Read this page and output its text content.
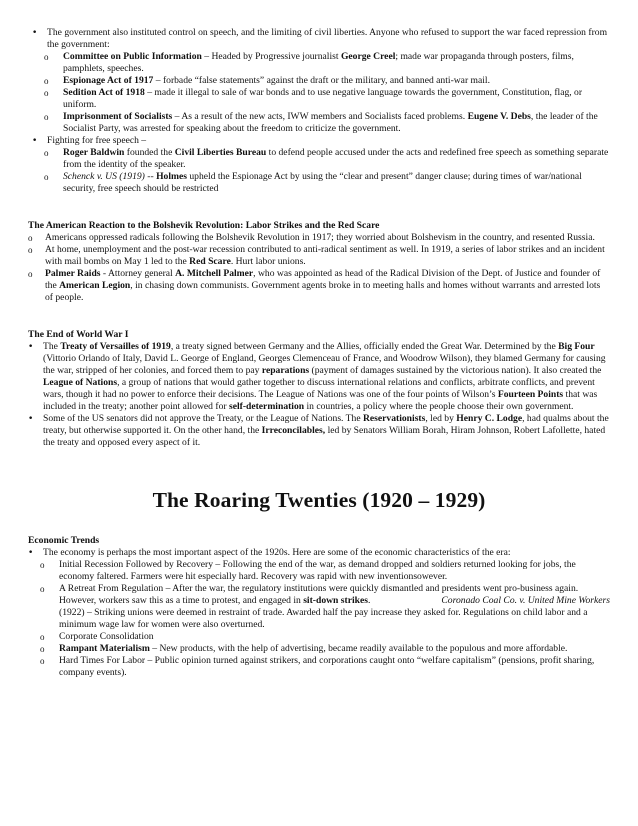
• The government also instituted control on speech, and the limiting of civil liberties. Anyone who refused to support the war faced repression from the government:
o Committee on Public Information – Headed by Progressive journalist George Creel; made war propaganda through posters, films, pamphlets, speeches.
o Espionage Act of 1917 – forbade “false statements” against the draft or the military, and banned anti-war mail.
o Sedition Act of 1918 – made it illegal to sale of war bonds and to use negative language towards the government, Constitution, flag, or uniform.
o Imprisonment of Socialists – As a result of the new acts, IWW members and Socialists faced problems. Eugene V. Debs, the leader of the Socialist Party, was arrested for speaking about the freedom to criticize the government.
• Fighting for free speech –
o Roger Baldwin founded the Civil Liberties Bureau to defend people accused under the acts and redefined free speech as something separate from the identity of the speaker.
o Schenck v. US (1919) -- Holmes upheld the Espionage Act by using the “clear and present” danger clause; during times of war/national security, free speech should be restricted

The American Reaction to the Bolshevik Revolution: Labor Strikes and the Red Scare

o Americans oppressed radicals following the Bolshevik Revolution in 1917; they worried about Bolshevism in the country, and resented Russia.
o At home, unemployment and the post-war recession contributed to anti-radical sentiment as well. In 1919, a series of labor strikes and an incident with mail bombs on May 1 led to the Red Scare. Hurt labor unions.
o Palmer Raids - Attorney general A. Mitchell Palmer, who was appointed as head of the Radical Division of the Dept. of Justice and founder of the American Legion, in chasing down communists. Government agents broke in to meeting halls and homes without warrants and arrested lots of people.

The End of World War I

• The Treaty of Versailles of 1919, a treaty signed between Germany and the Allies, officially ended the Great War. Determined by the Big Four (Vittorio Orlando of Italy, David L. George of England, Georges Clemenceau of France, and Woodrow Wilson), they blamed Germany for causing the war, stripped of her colonies, and forced them to pay reparations (payment of damages sustained by the victorious nation). It also created the League of Nations, a group of nations that would gather together to discuss international relations and conflicts, arbitrate conflicts, and prevent wars, though it had no power to enforce their decisions. The League of Nations was one of the four points of Wilson’s Fourteen Points that was included in the treaty; another point allowed for self-determination in countries, a policy where the people choose their own government.
• Some of the US senators did not approve the Treaty, or the League of Nations. The Reservationists, led by Henry C. Lodge, had qualms about the treaty, but otherwise supported it. On the other hand, the Irreconcilables, led by Senators William Borah, Hiram Johnson, Robert Lafollette, hated the treaty and opposed every aspect of it.
The Roaring Twenties (1920 – 1929)

Economic Trends

• The economy is perhaps the most important aspect of the 1920s. Here are some of the economic characteristics of the era:
o Initial Recession Followed by Recovery – Following the end of the war, as demand dropped and soldiers returned looking for jobs, the economy faltered. Farmers were hit especially hard. Recovery was rapid with new inventionsowever.
o A Retreat From Regulation – After the war, the regulatory institutions were quickly dismantled and presidents went pro-business again. However, workers saw this as a time to protest, and engaged in sit-down strikes.	Coronado Coal Co. v. United Mine Workers

(1922) – Striking unions were deemed in restraint of trade. Awarded half the pay increase they asked for. Regulations on child labor and a minimum wage law for women were also overturned.
o Corporate Consolidation
o Rampant Materialism – New products, with the help of advertising, became readily available to the populous and more affordable.
o Hard Times For Labor – Public opinion turned against strikers, and corporations caught onto “welfare capitalism” (pensions, profit sharing, company events).
